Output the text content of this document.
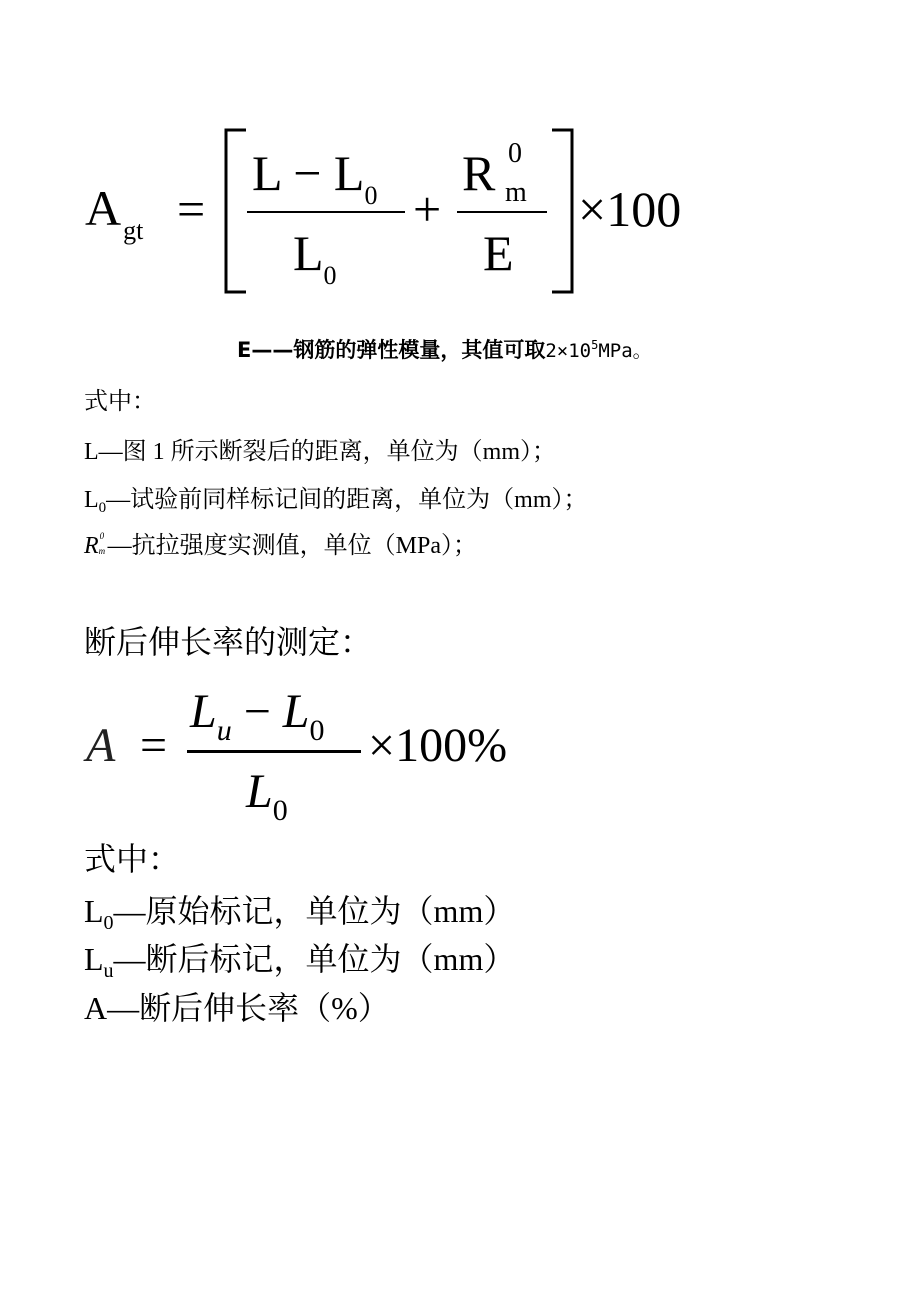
$A_{gt}$ =
$L - L_0$
$L_0$
+
R 0
m
E
×100
E——钢筋的弹性模量，其值可取$2\times 10^5MPa$。
式中：
L—图 1 所示断裂后的距离，单位为（mm）；
$L_0—$试验前同样标记间的距离，单位为（mm）；
R 0
m —抗拉强度实测值，单位（MPa）；
断后伸长率的测定：
A =
$L_u - L_0$
$L_0$
×100%
式中：
$L_0—$原始标记，单位为（mm）
$L_u—$断后标记，单位为（mm）
A—断后伸长率（%）
